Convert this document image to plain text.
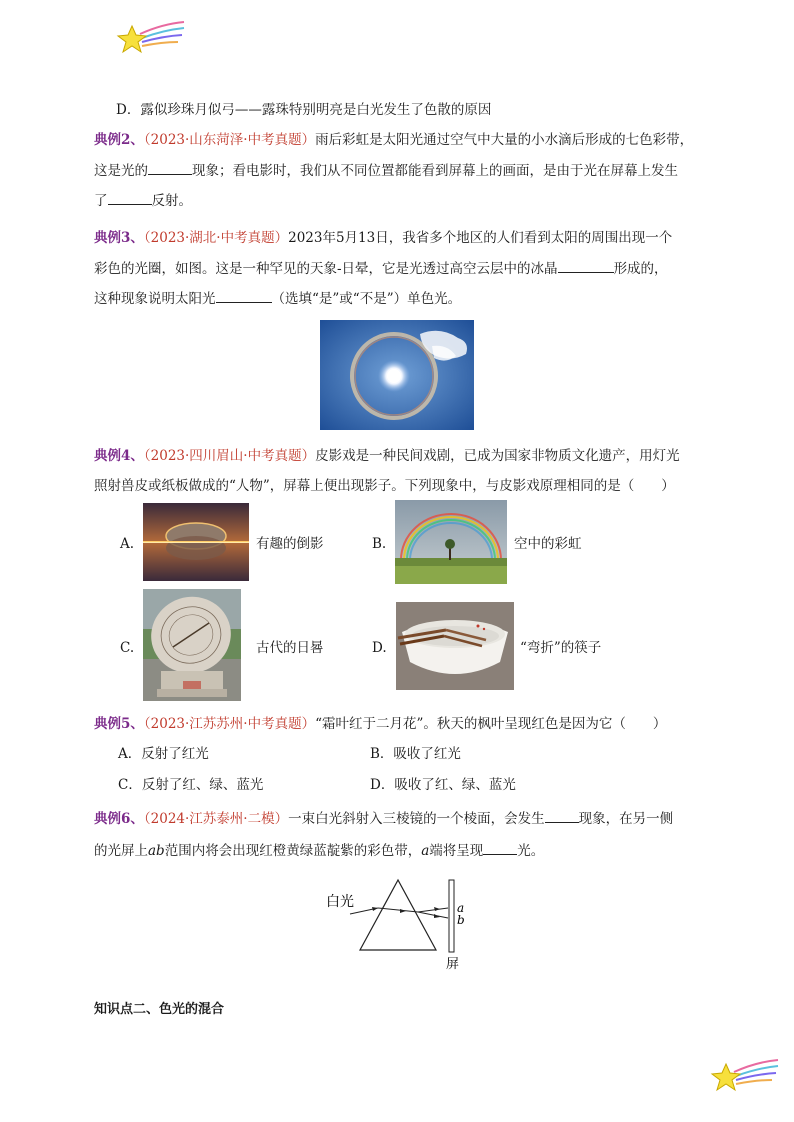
D．露似珍珠月似弓——露珠特别明亮是白光发生了色散的原因
典例2、（2023·山东菏泽·中考真题）雨后彩虹是太阳光通过空气中大量的小水滴后形成的七色彩带，
这是光的	现象；看电影时，我们从不同位置都能看到屏幕上的画面，是由于光在屏幕上发生
了	反射。
典例3、（2023·湖北·中考真题）2023年5月13日，我省多个地区的人们看到太阳的周围出现一个
彩色的光圈，如图。这是一种罕见的天象-日晕，它是光透过高空云层中的冰晶	形成的，
这种现象说明太阳光	（选填“是”或“不是”）单色光。
典例4、（2023·四川眉山·中考真题）皮影戏是一种民间戏剧，已成为国家非物质文化遗产，用灯光
照射兽皮或纸板做成的“人物”，屏幕上便出现影子。下列现象中，与皮影戏原理相同的是（　　）
A.	有趣的倒影	B.	空中的彩虹
C.	古代的日晷	D.	“弯折”的筷子
典例5、（2023·江苏苏州·中考真题）“霜叶红于二月花”。秋天的枫叶呈现红色是因为它（　　）
A．反射了红光	B．吸收了红光
C．反射了红、绿、蓝光	D．吸收了红、绿、蓝光
典例6、（2024·江苏泰州·二模）一束白光斜射入三棱镜的一个棱面，会发生	现象，在另一侧
的光屏上ab范围内将会出现红橙黄绿蓝靛紫的彩色带，a端将呈现	光。
白光	a
b
屏
知识点二、色光的混合
